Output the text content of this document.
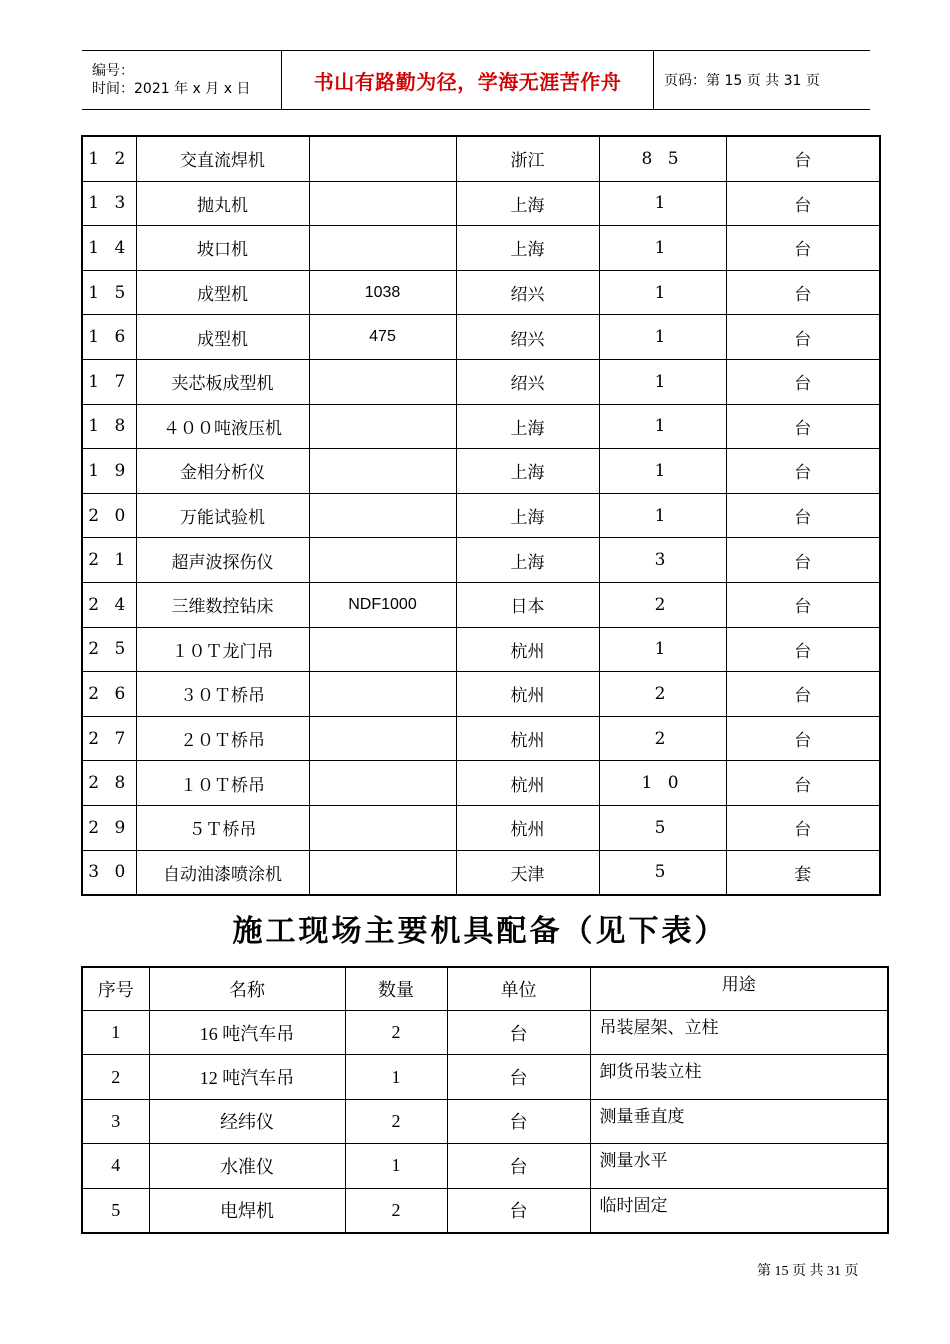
编号：
时间：2021 年 x 月 x 日	书山有路勤为径，学海无涯苦作舟	页码：第 15 页 共 31 页
1 2	交直流焊机		浙江	8 5	台
1 3	抛丸机		上海	1	台
1 4	坡口机		上海	1	台
1 5	成型机	1038	绍兴	1	台
1 6	成型机	475	绍兴	1	台
1 7	夹芯板成型机		绍兴	1	台
1 8	４００吨液压机		上海	1	台
1 9	金相分析仪		上海	1	台
2 0	万能试验机		上海	1	台
2 1	超声波探伤仪		上海	3	台
2 4	三维数控钻床	NDF1000	日本	2	台
2 5	１０Ｔ龙门吊		杭州	1	台
2 6	３０Ｔ桥吊		杭州	2	台
2 7	２０Ｔ桥吊		杭州	2	台
2 8	１０Ｔ桥吊		杭州	1 0	台
2 9	５Ｔ桥吊		杭州	5	台
3 0	自动油漆喷涂机		天津	5	套
施工现场主要机具配备（见下表）
序号	名称	数量	单位	用途
1	16 吨汽车吊	2	台	吊装屋架、立柱
2	12 吨汽车吊	1	台	卸货吊装立柱
3	经纬仪	2	台	测量垂直度
4	水准仪	1	台	测量水平
5	电焊机	2	台	临时固定
第 15 页 共 31 页
